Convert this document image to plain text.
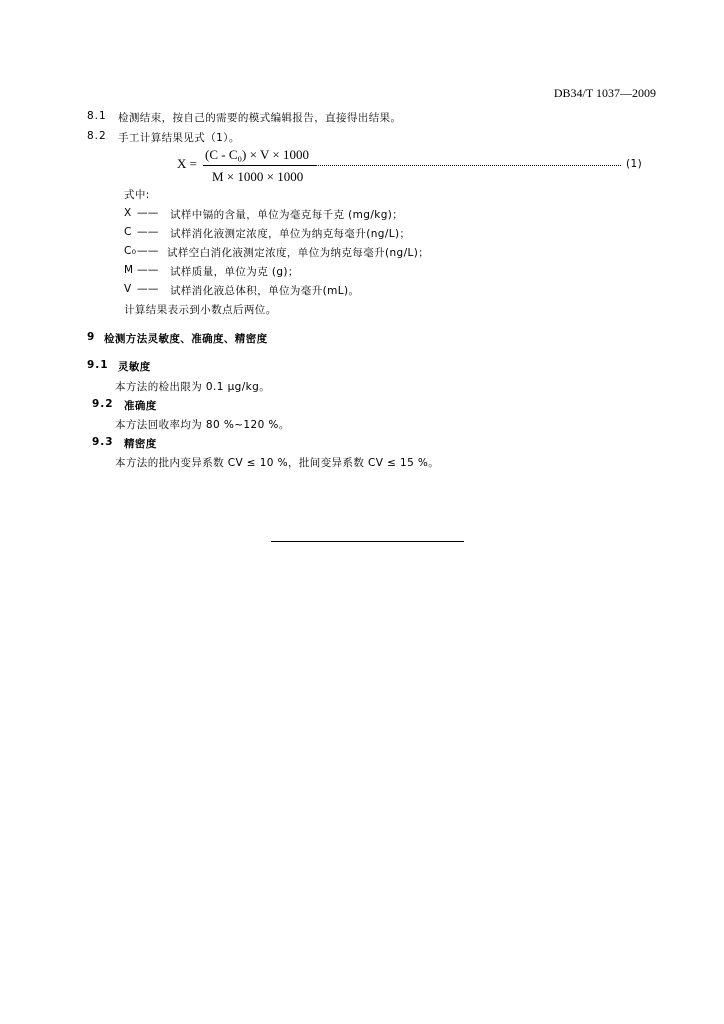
DB34/T 1037—2009
8.1 检测结束，按自己的需要的模式编辑报告，直接得出结果。
8.2 手工计算结果见式（1）。
X =
(C - C₀) × V × 1000
M × 1000 × 1000
(1)
式中:
X —— 试样中镉的含量，单位为毫克每千克 (mg/kg)；
C —— 试样消化液测定浓度，单位为纳克每毫升(ng/L)；
C₀ —— 试样空白消化液测定浓度，单位为纳克每毫升(ng/L)；
M —— 试样质量，单位为克 (g)；
V —— 试样消化液总体积，单位为毫升(mL)。
计算结果表示到小数点后两位。
9 检测方法灵敏度、准确度、精密度
9.1 灵敏度
本方法的检出限为 0.1 μg/kg。
9.2 准确度
本方法回收率均为 80 %~120 %。
9.3 精密度
本方法的批内变异系数 CV ≤ 10 %，批间变异系数 CV ≤ 15 %。
